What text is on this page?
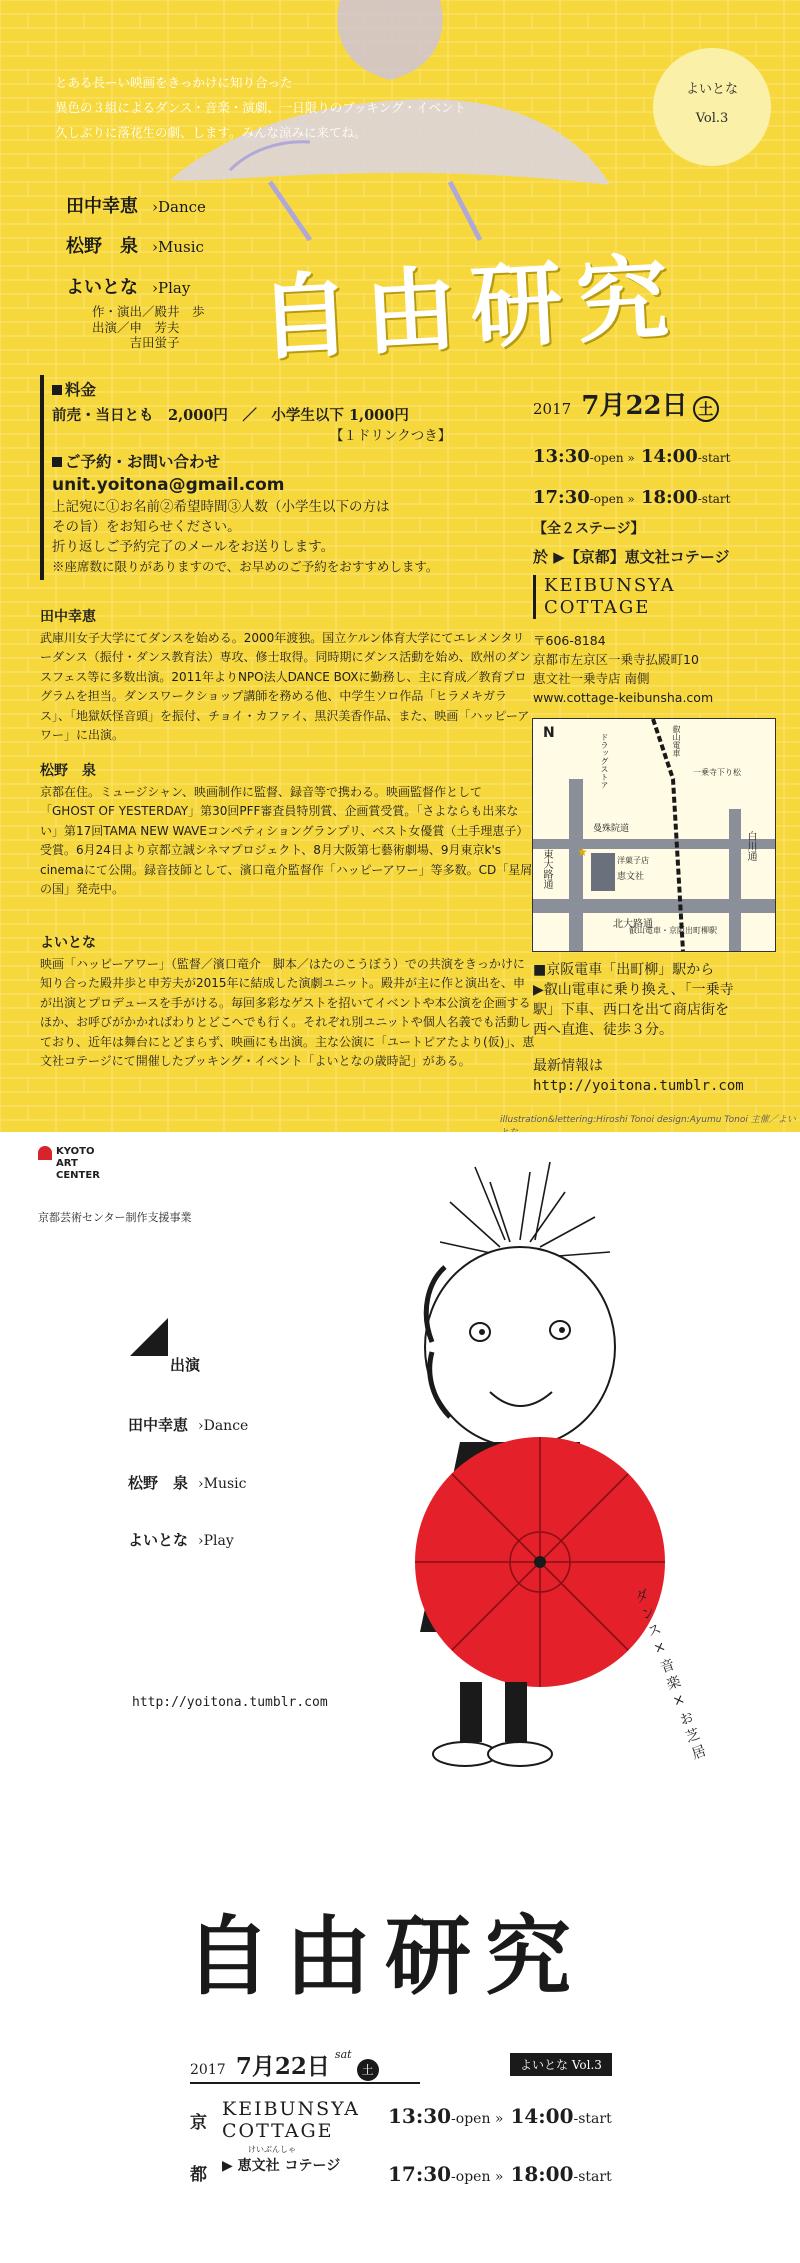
とある長ーい映画をきっかけに知り合った
異色の３組によるダンス・音楽・演劇、一日限りのブッキング・イベント
久しぶりに落花生の劇、します。みんな涼みに来てね。
よいとな
Vol.3
田中幸恵 ›Dance
松野　泉 ›Music
よいとな ›Play
作・演出／殿井　歩
出演／申　芳夫
　　　吉田蛍子 自由研究
料金
前売・当日とも　2,000円　／　小学生以下 1,000円
【１ドリンクつき】
ご予約・お問い合わせ
unit.yoitona@gmail.com
上記宛に①お名前②希望時間③人数（小学生以下の方は
その旨）をお知らせください。
折り返しご予約完了のメールをお送りします。
※座席数に限りがありますので、お早めのご予約をおすすめします。
田中幸恵
武庫川女子大学にてダンスを始める。2000年渡独。国立ケルン体育大学にてエレメンタリーダンス（振付・ダンス教育法）専攻、修士取得。同時期にダンス活動を始め、欧州のダンスフェス等に多数出演。2011年よりNPO法人DANCE BOXに勤務し、主に育成／教育プログラムを担当。ダンスワークショップ講師を務める他、中学生ソロ作品「ヒラメキガラス」、「地獄妖怪音頭」を振付、チョイ・カファイ、黒沢美香作品、また、映画「ハッピーアワー」に出演。
松野　泉
京都在住。ミュージシャン、映画制作に監督、録音等で携わる。映画監督作として「GHOST OF YESTERDAY」第30回PFF審査員特別賞、企画賞受賞。「さよならも出来ない」第17回TAMA NEW WAVEコンペティショングランプリ、ベスト女優賞（土手理恵子）受賞。6月24日より京都立誠シネマプロジェクト、8月大阪第七藝術劇場、9月東京k's cinemaにて公開。録音技師として、濱口竜介監督作「ハッピーアワー」等多数。CD「星屑の国」発売中。
よいとな
映画「ハッピーアワー」（監督／濱口竜介　脚本／はたのこうぼう）での共演をきっかけに知り合った殿井歩と申芳夫が2015年に結成した演劇ユニット。殿井が主に作と演出を、申が出演とプロデュースを手がける。毎回多彩なゲストを招いてイベントや本公演を企画するほか、お呼びがかかればわりとどこへでも行く。それぞれ別ユニットや個人名義でも活動しており、近年は舞台にとどまらず、映画にも出演。主な公演に「ユートピアたより(仮)」、恵文社コテージにて開催したブッキング・イベント「よいとなの歳時記」がある。
2017 7月22日 土
13:30-open » 14:00-start
17:30-open » 18:00-start
【全２ステージ】
於 ▶【京都】恵文社コテージ
KEIBUNSYA
COTTAGE
〒606-8184
京都市左京区一乗寺払殿町10
恵文社一乗寺店 南側
www.cottage-keibunsha.com
★
N
曼殊院道
東大路通
北大路通
白川通
一乗寺下り松
恵文社
洋菓子店
ドラッグストア
叡山電車・京阪出町柳駅
叡山電車
■京阪電車「出町柳」駅から
▶叡山電車に乗り換え、「一乗寺
駅」下車、西口を出て商店街を
西へ直進、徒歩３分。
最新情報は
http://yoitona.tumblr.com
illustration&lettering:Hiroshi Tonoi design:Ayumu Tonoi 主催／よい
KYOTO
ART
CENTER
京都芸術センター制作支援事業
出演
田中幸恵 ›Dance
松野　泉 ›Music
よいとな ›Play
http://yoitona.tumblr.com	ダンス×音楽×お芝居
自由研究
2017 7月22日 $^{sat}$ 土	よいとな Vol.3
京都
KEIBUNSYA
COTTAGE
けいぶんしゃ
▶ 恵文社 コテージ
13:30-open » 14:00-start
17:30-open » 18:00-start
